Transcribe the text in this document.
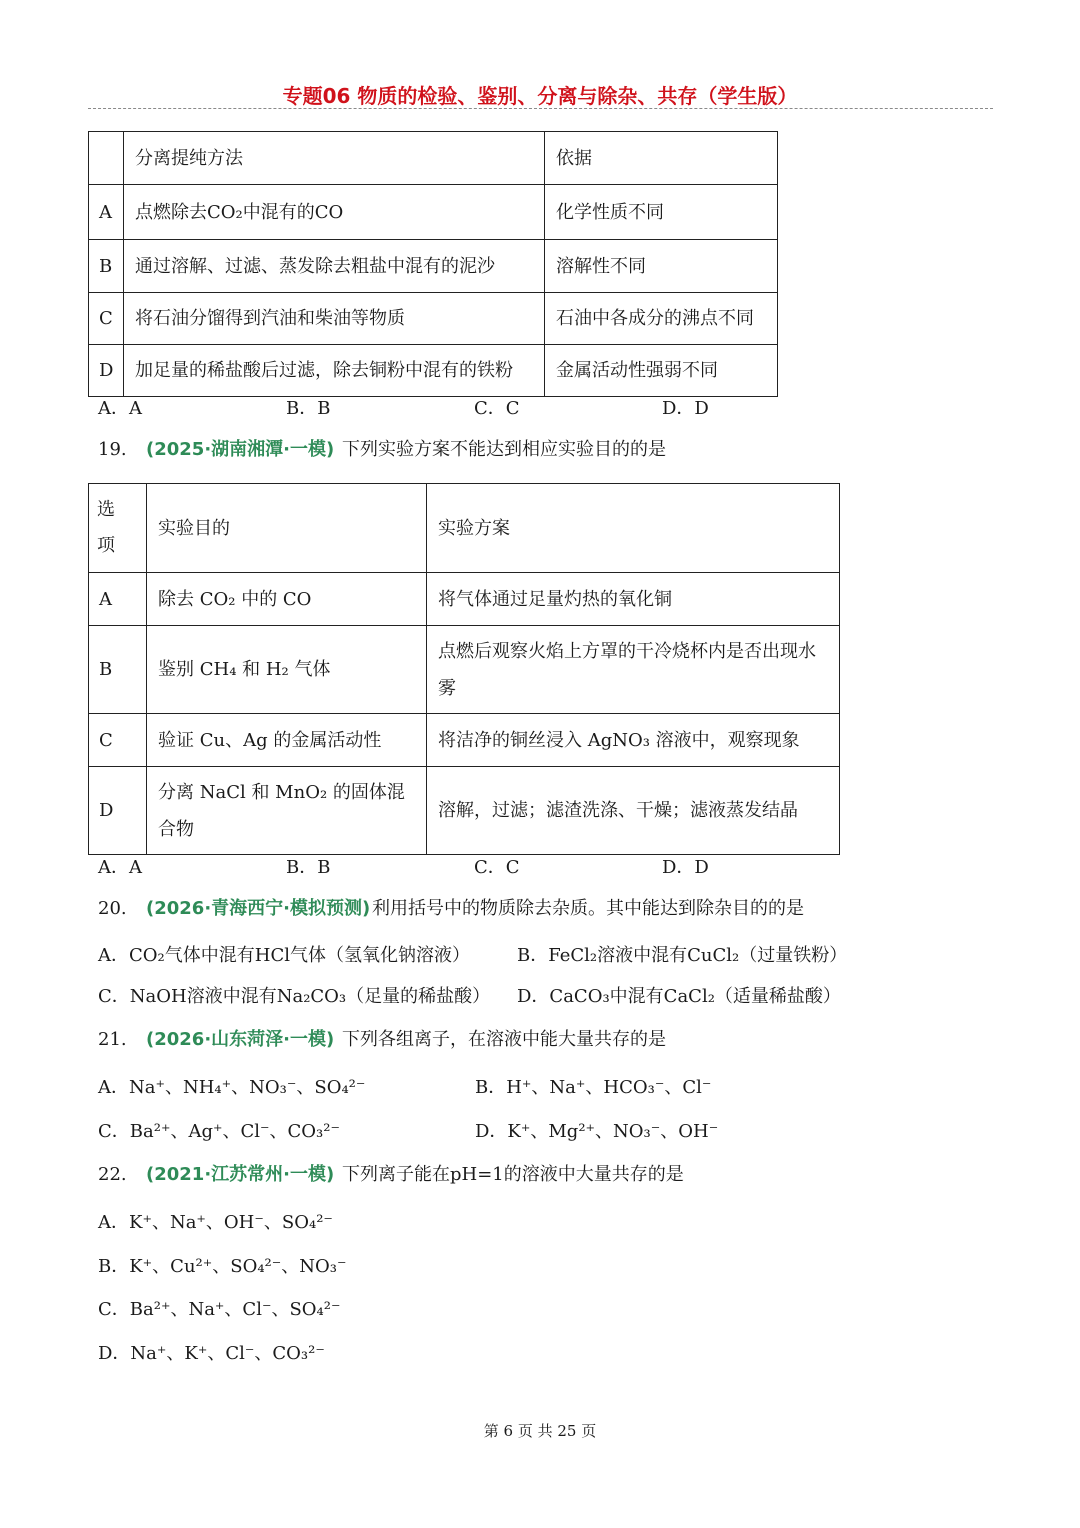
专题06 物质的检验、鉴别、分离与除杂、共存（学生版）
	分离提纯方法	依据
A	点燃除去CO₂中混有的CO	化学性质不同
B	通过溶解、过滤、蒸发除去粗盐中混有的泥沙	溶解性不同
C	将石油分馏得到汽油和柴油等物质	石油中各成分的沸点不同
D	加足量的稀盐酸后过滤，除去铜粉中混有的铁粉	金属活动性强弱不同
A．A	B．B	C．C	D．D
19. (2025·湖南湘潭·一模) 下列实验方案不能达到相应实验目的的是
选项	实验目的	实验方案
A	除去 CO₂ 中的 CO	将气体通过足量灼热的氧化铜
B	鉴别 CH₄ 和 H₂ 气体	点燃后观察火焰上方罩的干冷烧杯内是否出现水雾
C	验证 Cu、Ag 的金属活动性	将洁净的铜丝浸入 AgNO₃ 溶液中，观察现象
D	分离 NaCl 和 MnO₂ 的固体混合物	溶解，过滤；滤渣洗涤、干燥；滤液蒸发结晶
A．A	B．B	C．C	D．D
20. (2026·青海西宁·模拟预测) 利用括号中的物质除去杂质。其中能达到除杂目的的是
A．CO₂气体中混有HCl气体（氢氧化钠溶液）	B．FeCl₂溶液中混有CuCl₂（过量铁粉）
C．NaOH溶液中混有Na₂CO₃（足量的稀盐酸） D．CaCO₃中混有CaCl₂（适量稀盐酸）
21. (2026·山东菏泽·一模) 下列各组离子，在溶液中能大量共存的是
A．Na⁺、NH₄⁺、NO₃⁻、SO₄²⁻	B．H⁺、Na⁺、HCO₃⁻、Cl⁻
C．Ba²⁺、Ag⁺、Cl⁻、CO₃²⁻	D．K⁺、Mg²⁺、NO₃⁻、OH⁻
22. (2021·江苏常州·一模) 下列离子能在pH=1的溶液中大量共存的是
A．K⁺、Na⁺、OH⁻、SO₄²⁻
B．K⁺、Cu²⁺、SO₄²⁻、NO₃⁻
C．Ba²⁺、Na⁺、Cl⁻、SO₄²⁻
D．Na⁺、K⁺、Cl⁻、CO₃²⁻
第 6 页 共 25 页
